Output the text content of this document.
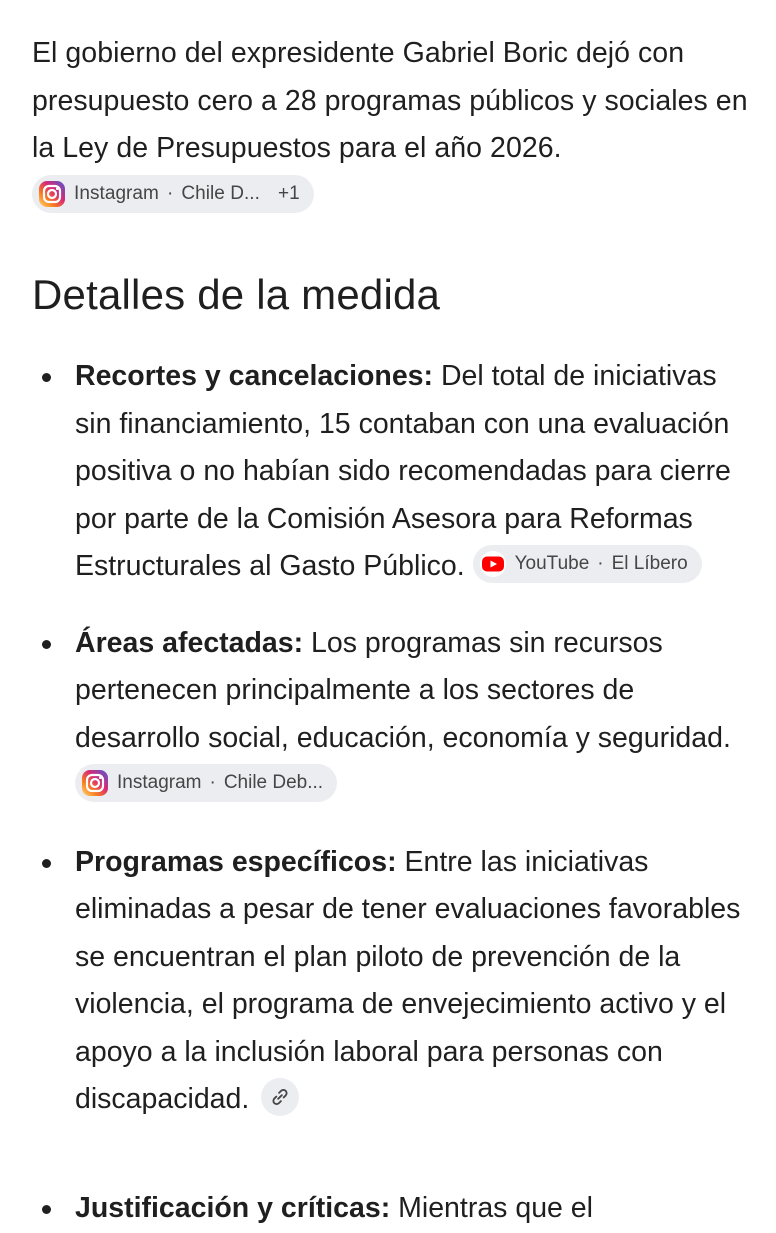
El gobierno del expresidente Gabriel Boric dejó con presupuesto cero a 28 programas públicos y sociales en la Ley de Presupuestos para el año 2026.
Instagram · Chile D... +1

Detalles de la medida
Recortes y cancelaciones: Del total de iniciativas sin financiamiento, 15 contaban con una evaluación positiva o no habían sido recomendadas para cierre por parte de la Comisión Asesora para Reformas Estructurales al Gasto Público.	YouTube · El Líbero
Áreas afectadas: Los programas sin recursos pertenecen principalmente a los sectores de desarrollo social, educación, economía y seguridad.
Instagram · Chile Deb...
Programas específicos: Entre las iniciativas eliminadas a pesar de tener evaluaciones favorables se encuentran el plan piloto de prevención de la violencia, el programa de envejecimiento activo y el apoyo a la inclusión laboral para personas con discapacidad.
Justificación y críticas: Mientras que el
